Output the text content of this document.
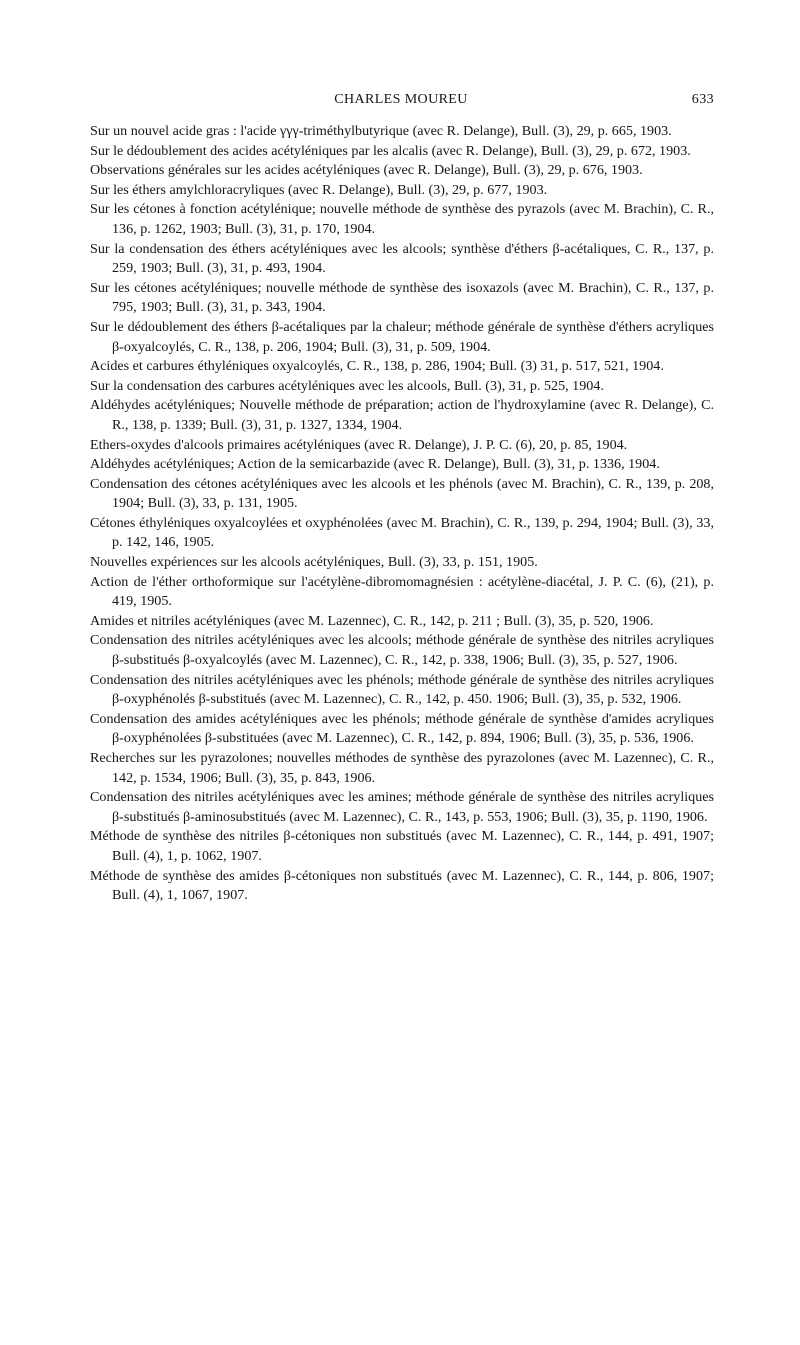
CHARLES MOUREU	633

Sur un nouvel acide gras : l'acide γγγ-triméthylbutyrique (avec R. Delange), Bull. (3), 29, p. 665, 1903.

Sur le dédoublement des acides acétyléniques par les alcalis (avec R. Delange), Bull. (3), 29, p. 672, 1903.

Observations générales sur les acides acétyléniques (avec R. Delange), Bull. (3), 29, p. 676, 1903.

Sur les éthers amylchloracryliques (avec R. Delange), Bull. (3), 29, p. 677, 1903.

Sur les cétones à fonction acétylénique; nouvelle méthode de synthèse des pyrazols (avec M. Brachin), C. R., 136, p. 1262, 1903; Bull. (3), 31, p. 170, 1904.

Sur la condensation des éthers acétyléniques avec les alcools; synthèse d'éthers β-acétaliques, C. R., 137, p. 259, 1903; Bull. (3), 31, p. 493, 1904.

Sur les cétones acétyléniques; nouvelle méthode de synthèse des isoxazols (avec M. Brachin), C. R., 137, p. 795, 1903; Bull. (3), 31, p. 343, 1904.

Sur le dédoublement des éthers β-acétaliques par la chaleur; méthode générale de synthèse d'éthers acryliques β-oxyalcoylés, C. R., 138, p. 206, 1904; Bull. (3), 31, p. 509, 1904.

Acides et carbures éthyléniques oxyalcoylés, C. R., 138, p. 286, 1904; Bull. (3) 31, p. 517, 521, 1904.

Sur la condensation des carbures acétyléniques avec les alcools, Bull. (3), 31, p. 525, 1904.

Aldéhydes acétyléniques; Nouvelle méthode de préparation; action de l'hydroxylamine (avec R. Delange), C. R., 138, p. 1339; Bull. (3), 31, p. 1327, 1334, 1904.

Ethers-oxydes d'alcools primaires acétyléniques (avec R. Delange), J. P. C. (6), 20, p. 85, 1904.

Aldéhydes acétyléniques; Action de la semicarbazide (avec R. Delange), Bull. (3), 31, p. 1336, 1904.

Condensation des cétones acétyléniques avec les alcools et les phénols (avec M. Brachin), C. R., 139, p. 208, 1904; Bull. (3), 33, p. 131, 1905.

Cétones éthyléniques oxyalcoylées et oxyphénolées (avec M. Brachin), C. R., 139, p. 294, 1904; Bull. (3), 33, p. 142, 146, 1905.

Nouvelles expériences sur les alcools acétyléniques, Bull. (3), 33, p. 151, 1905.

Action de l'éther orthoformique sur l'acétylène-dibromomagnésien : acétylène-diacétal, J. P. C. (6), (21), p. 419, 1905.

Amides et nitriles acétyléniques (avec M. Lazennec), C. R., 142, p. 211 ; Bull. (3), 35, p. 520, 1906.

Condensation des nitriles acétyléniques avec les alcools; méthode générale de synthèse des nitriles acryliques β-substitués β-oxyalcoylés (avec M. Lazennec), C. R., 142, p. 338, 1906; Bull. (3), 35, p. 527, 1906.

Condensation des nitriles acétyléniques avec les phénols; méthode générale de synthèse des nitriles acryliques β-oxyphénolés β-substitués (avec M. Lazennec), C. R., 142, p. 450. 1906; Bull. (3), 35, p. 532, 1906.

Condensation des amides acétyléniques avec les phénols; méthode générale de synthèse d'amides acryliques β-oxyphénolées β-substituées (avec M. Lazennec), C. R., 142, p. 894, 1906; Bull. (3), 35, p. 536, 1906.

Recherches sur les pyrazolones; nouvelles méthodes de synthèse des pyrazolones (avec M. Lazennec), C. R., 142, p. 1534, 1906; Bull. (3), 35, p. 843, 1906.

Condensation des nitriles acétyléniques avec les amines; méthode générale de synthèse des nitriles acryliques β-substitués β-aminosubstitués (avec M. Lazennec), C. R., 143, p. 553, 1906; Bull. (3), 35, p. 1190, 1906.

Méthode de synthèse des nitriles β-cétoniques non substitués (avec M. Lazennec), C. R., 144, p. 491, 1907; Bull. (4), 1, p. 1062, 1907.

Méthode de synthèse des amides β-cétoniques non substitués (avec M. Lazennec), C. R., 144, p. 806, 1907; Bull. (4), 1, 1067, 1907.
